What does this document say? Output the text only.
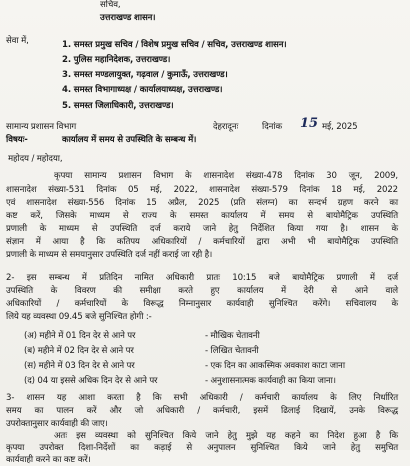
सचिव,
उत्तराखण्ड शासन।
सेवा में,	1. समस्त प्रमुख सचिव / विशेष प्रमुख सचिव / सचिव, उत्तराखण्ड शासन।
2. पुलिस महानिदेशक, उत्तराखण्ड।
3. समस्त मण्डलायुक्त, गढ़वाल / कुमाऊँ, उत्तराखण्ड।
4. समस्त विभागाध्यक्ष / कार्यालयाध्यक्ष, उत्तराखण्ड।
5. समस्त जिलाधिकारी, उत्तराखण्ड।
सामान्य प्रशासन विभाग	देहरादूनः	दिनांक 15 मई, 2025
विषयः-	कार्यालय में समय से उपस्थिति के सम्बन्ध में।
महोदय / महोदया,
कृपया सामान्य प्रशासन विभाग के शासनादेश संख्या-478 दिनांक 30 जून, 2009,
शासनादेश संख्या-531 दिनांक 05 मई, 2022, शासनादेश संख्या-579 दिनांक 18 मई, 2022
एवं शासनादेश संख्या-556 दिनांक 15 अप्रैल, 2025 (प्रति संलग्न) का सन्दर्भ ग्रहण करने का
कष्ट करें, जिसके माध्यम से राज्य के समस्त कार्यालय में समय से बायोमैट्रिक उपस्थिति
प्रणाली के माध्यम से उपस्थिति दर्ज कराये जाने हेतु निर्देशित किया गया है। शासन के
संज्ञान में आया है कि कतिपय अधिकारियों / कर्मचारियों द्वारा अभी भी बायोमैट्रिक उपस्थिति
प्रणाली के माध्यम से समयानुसार उपस्थिति दर्ज नहीं कराई जा रही है।
2- इस सम्बन्ध में प्रतिदिन नामित अधिकारी प्रातः 10:15 बजे बायोमैट्रिक प्रणाली में दर्ज
उपस्थिति के विवरण की समीक्षा करते हुए कार्यालय में देरी से आने वाले
अधिकारियों / कर्मचारियों के विरूद्ध निम्नानुसार कार्यवाही सुनिश्चित करेंगे। सचिवालय के
लिये यह व्यवस्था 09.45 बजे सुनिश्चित होगी :-
(अ) महीने में 01 दिन देर से आने पर	- मौखिक चेतावनी
(ब) महीने में 02 दिन देर से आने पर	- लिखित चेतावनी
(स) महीने में 03 दिन देर से आने पर	- एक दिन का आकस्मिक अवकाश काटा जाना
(द) 04 या इससे अधिक दिन देर से आने पर	- अनुशासनात्मक कार्यवाही का किया जाना।
3- शासन यह आशा करता है कि सभी अधिकारी / कर्मचारी कार्यालय के लिए निर्धारित
समय का पालन करें और जो अधिकारी / कर्मचारी, इसमें ढिलाई दिखायें, उनके विरूद्ध
उपरोक्तानुसार कार्यवाही की जाए।
अतः इस व्यवस्था को सुनिश्चित किये जाने हेतु मुझे यह कहने का निदेश हुआ है कि
कृपया उपरोक्त दिशा-निर्देशों का कड़ाई से अनुपालन सुनिश्चित किये जाने हेतु समुचित
कार्यवाही करने का कष्ट करें।
